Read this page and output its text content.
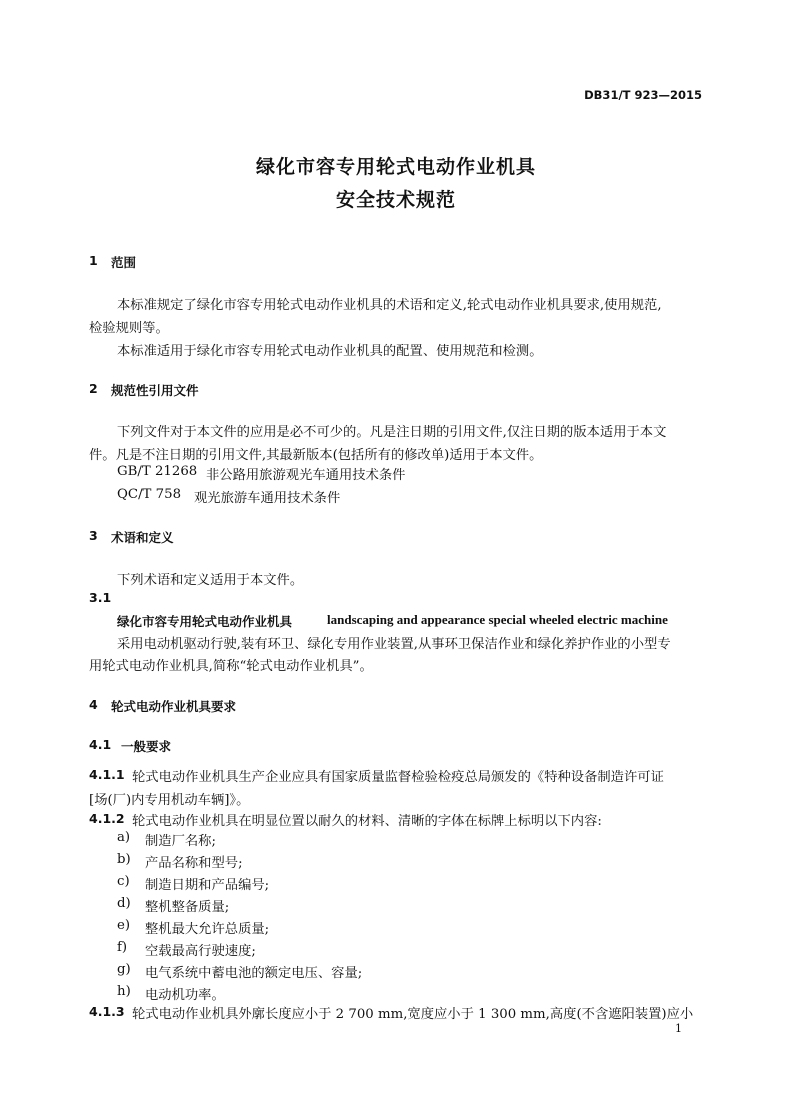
DB31/T 923—2015
绿化市容专用轮式电动作业机具
安全技术规范
1 范围
本标准规定了绿化市容专用轮式电动作业机具的术语和定义,轮式电动作业机具要求,使用规范,
检验规则等。
本标准适用于绿化市容专用轮式电动作业机具的配置、使用规范和检测。
2 规范性引用文件
下列文件对于本文件的应用是必不可少的。凡是注日期的引用文件,仅注日期的版本适用于本文
件。凡是不注日期的引用文件,其最新版本(包括所有的修改单)适用于本文件。
GB/T 21268 非公路用旅游观光车通用技术条件
QC/T 758 观光旅游车通用技术条件
3 术语和定义
下列术语和定义适用于本文件。
3.1
绿化市容专用轮式电动作业机具	landscaping and appearance special wheeled electric machine
采用电动机驱动行驶,装有环卫、绿化专用作业装置,从事环卫保洁作业和绿化养护作业的小型专
用轮式电动作业机具,简称“轮式电动作业机具”。
4 轮式电动作业机具要求
4.1 一般要求
4.1.1 轮式电动作业机具生产企业应具有国家质量监督检验检疫总局颁发的《特种设备制造许可证
[场(厂)内专用机动车辆]》。
4.1.2 轮式电动作业机具在明显位置以耐久的材料、清晰的字体在标牌上标明以下内容:
a) 制造厂名称;
b) 产品名称和型号;
c) 制造日期和产品编号;
d) 整机整备质量;
e) 整机最大允许总质量;
f) 空载最高行驶速度;
g) 电气系统中蓄电池的额定电压、容量;
h) 电动机功率。
4.1.3 轮式电动作业机具外廓长度应小于 2 700 mm,宽度应小于 1 300 mm,高度(不含遮阳装置)应小
1
